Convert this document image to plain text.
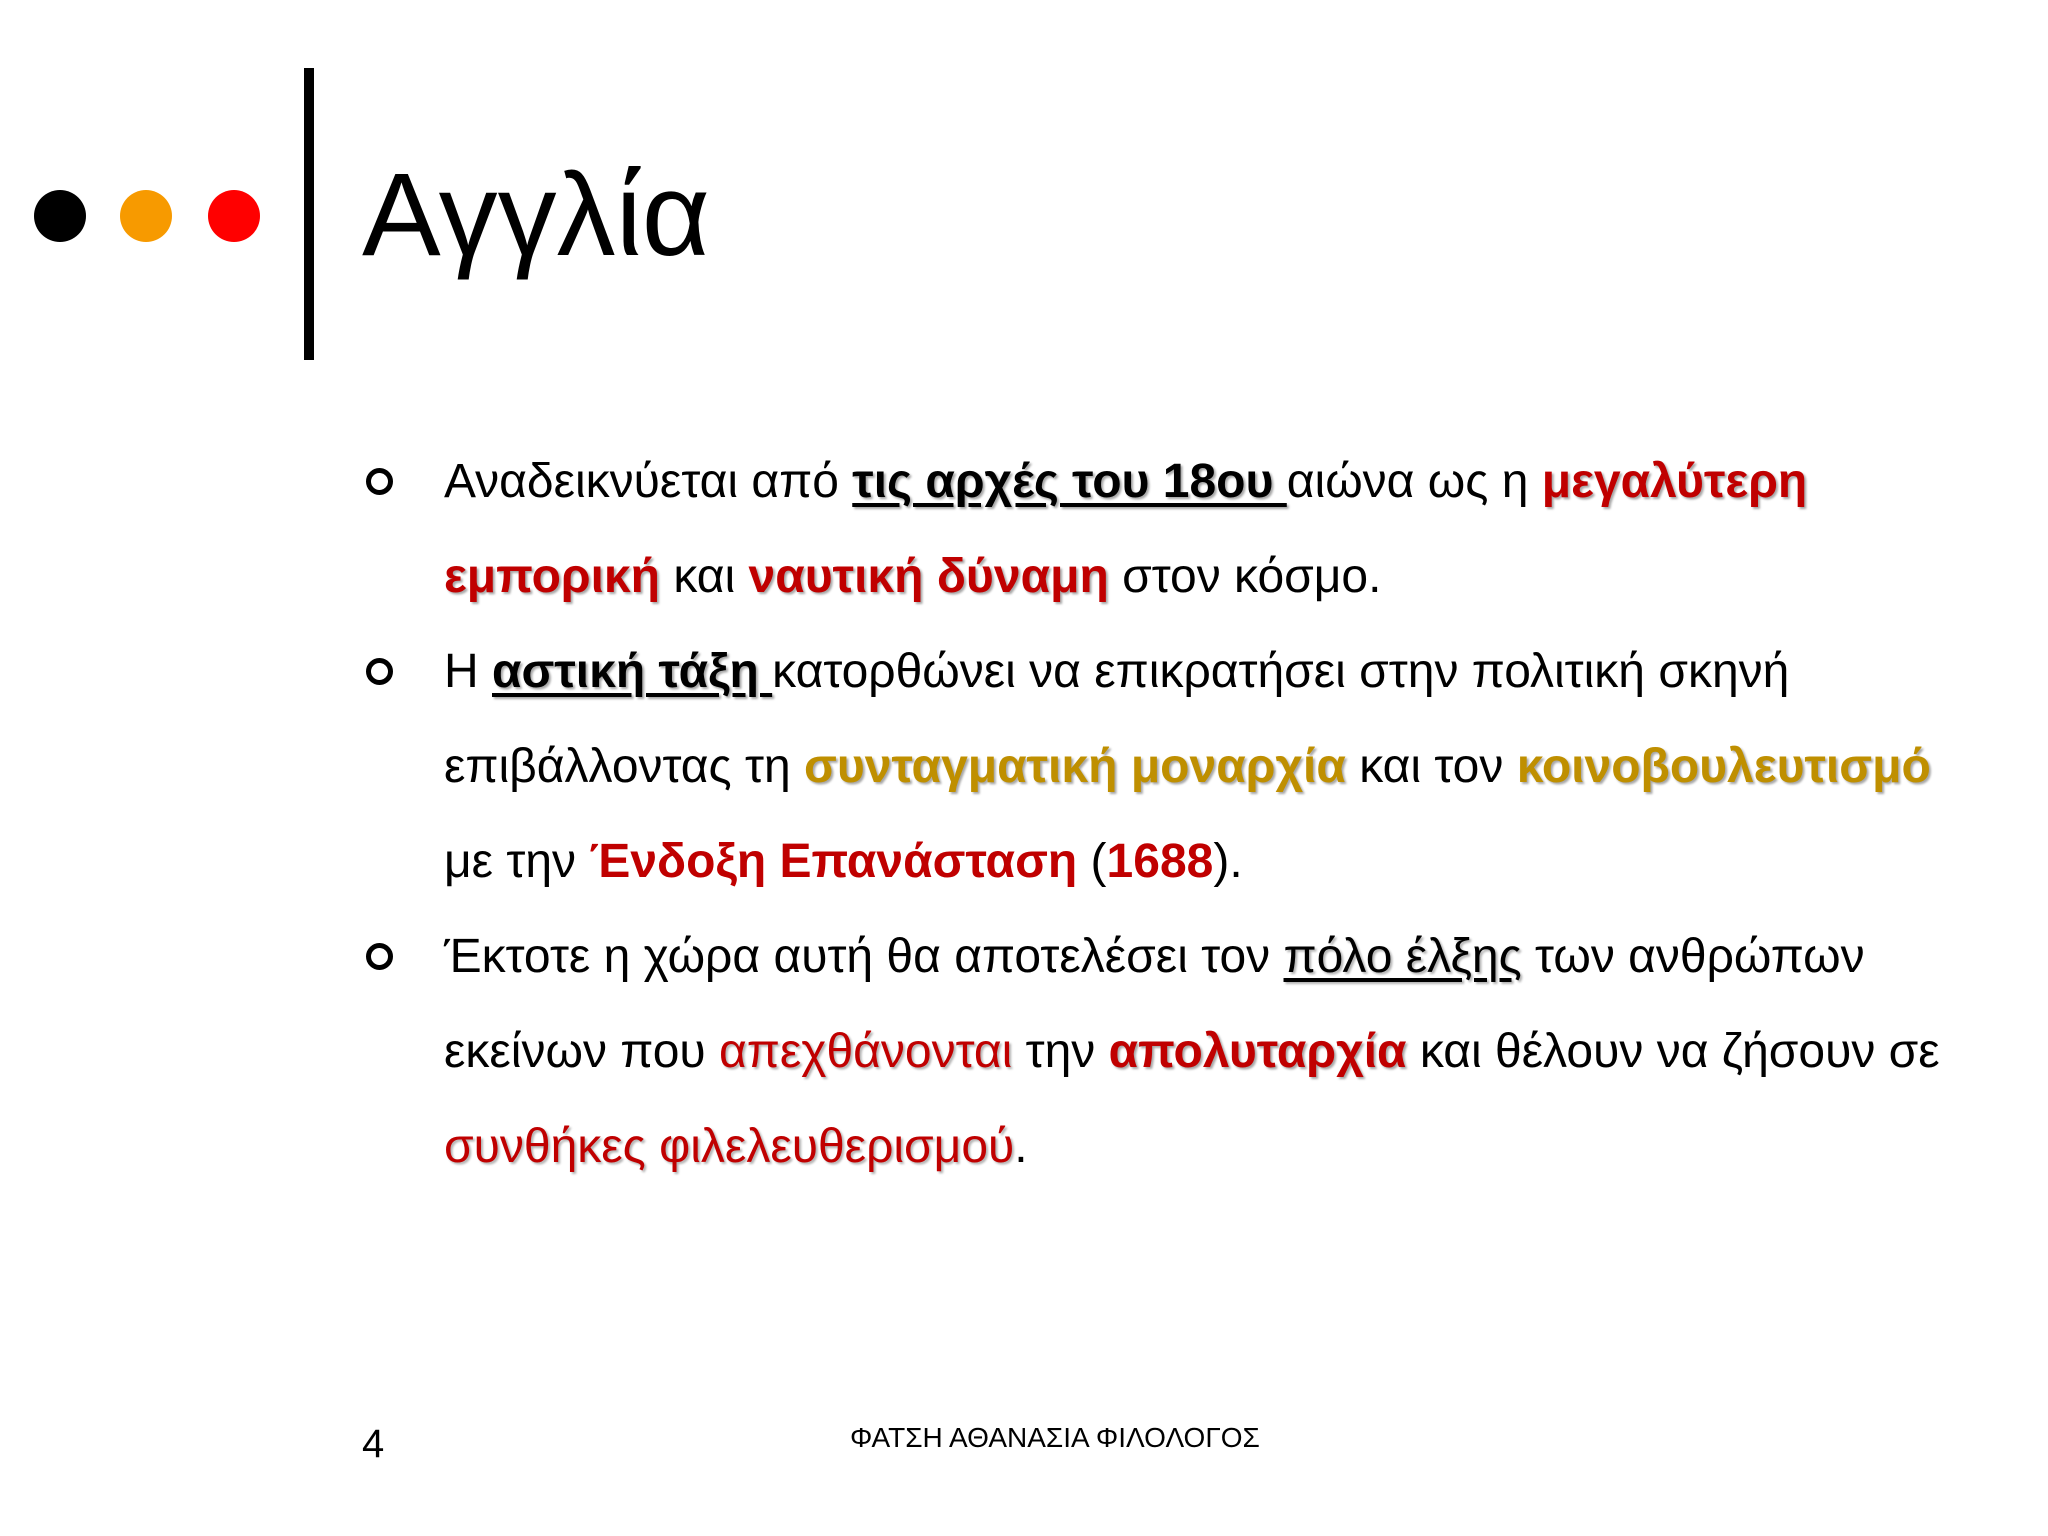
Αγγλία
Αναδεικνύεται από τις αρχές του 18ου αιώνα ως η μεγαλύτερη εμπορική και ναυτική δύναμη στον κόσμο.
Η αστική τάξη κατορθώνει να επικρατήσει στην πολιτική σκηνή επιβάλλοντας τη συνταγματική μοναρχία και τον κοινοβουλευτισμό με την Ένδοξη Επανάσταση (1688).
Έκτοτε η χώρα αυτή θα αποτελέσει τον πόλο έλξης των ανθρώπων εκείνων που απεχθάνονται την απολυταρχία και θέλουν να ζήσουν σε συνθήκες φιλελευθερισμού.
4	ΦΑΤΣΗ ΑΘΑΝΑΣΙΑ ΦΙΛΟΛΟΓΟΣ
